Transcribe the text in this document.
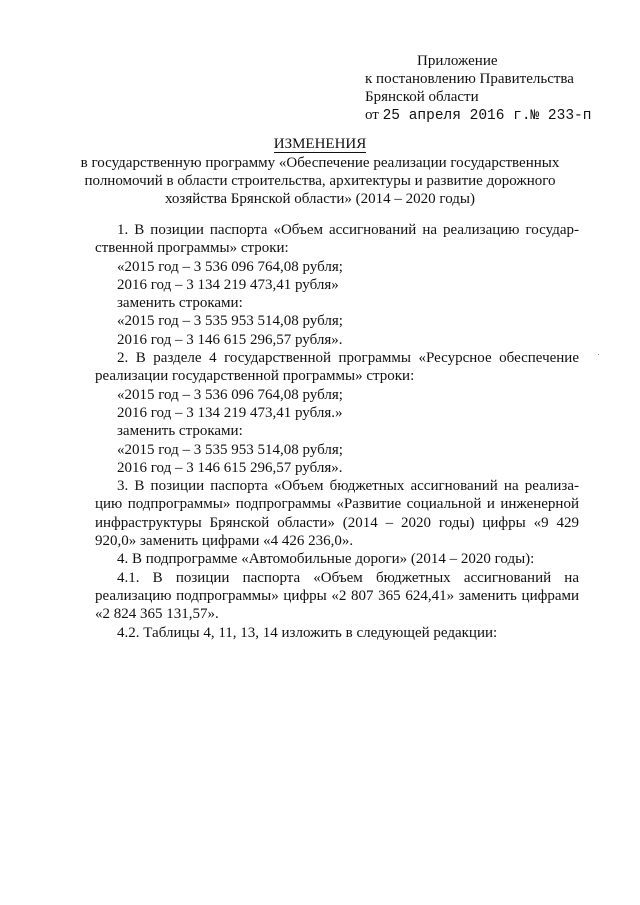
Приложение
к постановлению Правительства
Брянской области
от 25 апреля 2016 г.№ 233-п
ИЗМЕНЕНИЯ
в государственную программу «Обеспечение реализации государственных
полномочий в области строительства, архитектуры и развитие дорожного
хозяйства Брянской области» (2014 – 2020 годы)
1. В позиции паспорта «Объем ассигнований на реализацию государственной программы» строки:
«2015 год – 3 536 096 764,08 рубля;
2016 год – 3 134 219 473,41 рубля»
заменить строками:
«2015 год – 3 535 953 514,08 рубля;
2016 год – 3 146 615 296,57 рубля».
2. В разделе 4 государственной программы «Ресурсное обеспечение реализации государственной программы» строки:
«2015 год – 3 536 096 764,08 рубля;
2016 год – 3 134 219 473,41 рубля.»
заменить строками:
«2015 год – 3 535 953 514,08 рубля;
2016 год – 3 146 615 296,57 рубля».
3. В позиции паспорта «Объем бюджетных ассигнований на реализацию подпрограммы» подпрограммы «Развитие социальной и инженерной инфраструктуры Брянской области» (2014 – 2020 годы) цифры «9 429 920,0» заменить цифрами «4 426 236,0».
4. В подпрограмме «Автомобильные дороги» (2014 – 2020 годы):
4.1. В позиции паспорта «Объем бюджетных ассигнований на реализацию подпрограммы» цифры «2 807 365 624,41» заменить цифрами «2 824 365 131,57».
4.2. Таблицы 4, 11, 13, 14 изложить в следующей редакции:
